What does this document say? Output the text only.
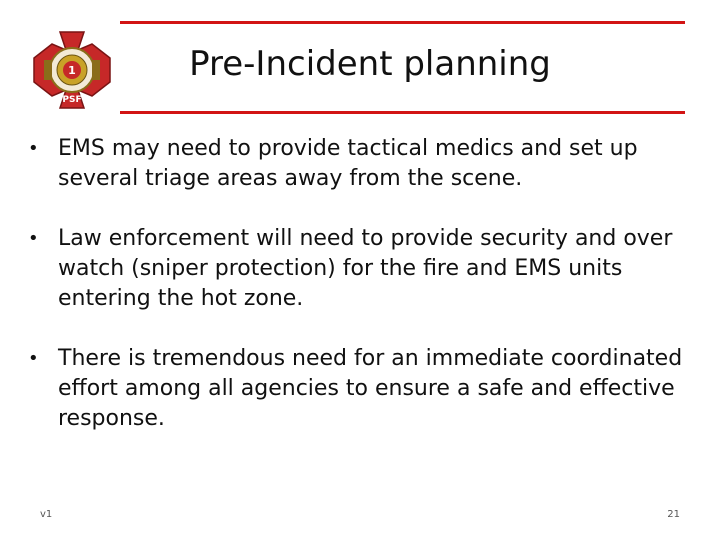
1
PSF
Pre-Incident planning
• EMS may need to provide tactical medics and set up several triage areas away from the scene.
• Law enforcement will need to provide security and over watch (sniper protection) for the fire and EMS units entering the hot zone.
• There is tremendous need for an immediate coordinated effort among all agencies to ensure a safe and effective response.
v1	21
